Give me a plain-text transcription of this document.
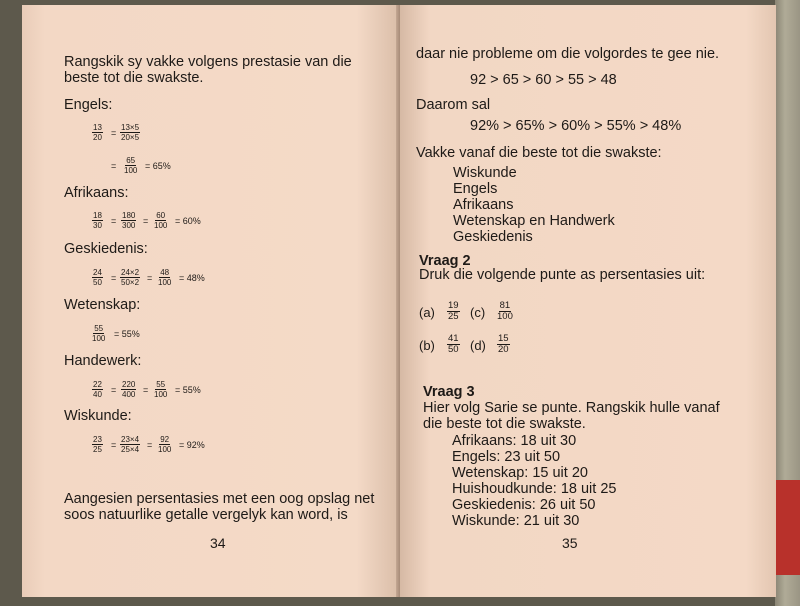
Rangskik sy vakke volgens prestasie van die
beste tot die swakste.
Engels:
$\frac{13}{20} = \frac{13\times 5}{20\times 5}$
= $\frac{65}{100} = 65\%$
Afrikaans:
$\frac{18}{30} = \frac{180}{300} = \frac{60}{100} = 60\%$
Geskiedenis:
$\frac{24}{50} = \frac{24\times 2}{50\times 2} = \frac{48}{100} = 48\%$
Wetenskap:
$\frac{55}{100} = 55\%$
Handewerk:
$\frac{22}{40} = \frac{220}{400} = \frac{55}{100} = 55\%$
Wiskunde:
$\frac{23}{25} = \frac{23\times 4}{25\times 4} = \frac{92}{100} = 92\%$
Aangesien persentasies met een oog opslag net
soos natuurlike getalle vergelyk kan word, is
34
daar nie probleme om die volgordes te gee nie.
92 > 65 > 60 > 55 > 48
Daarom sal
92% > 65% > 60% > 55% > 48%
Vakke vanaf die beste tot die swakste:
Wiskunde
Engels
Afrikaans
Wetenskap en Handwerk
Geskiedenis
Vraag 2
Druk die volgende punte as persentasies uit:
$(a) \frac{19}{25} (c) \frac{81}{100}$
$(b) \frac{41}{50} (d) \frac{15}{20}$
Vraag 3
Hier volg Sarie se punte. Rangskik hulle vanaf
die beste tot die swakste.
Afrikaans: 18 uit 30
Engels: 23 uit 50
Wetenskap: 15 uit 20
Huishoudkunde: 18 uit 25
Geskiedenis: 26 uit 50
Wiskunde: 21 uit 30
35
